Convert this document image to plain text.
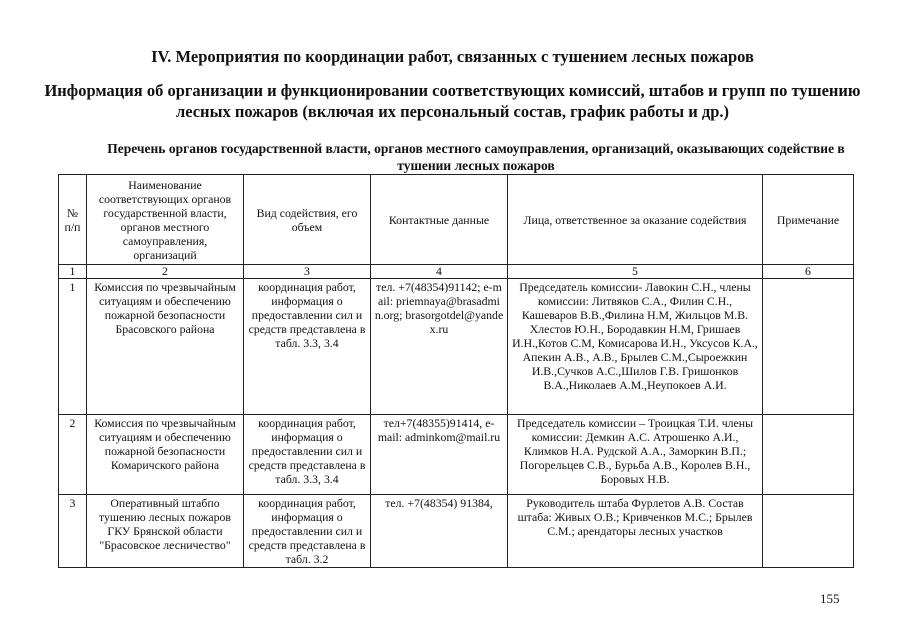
IV. Мероприятия по координации работ, связанных с тушением лесных пожаров
Информация об организации и функционировании соответствующих комиссий, штабов и групп по тушению лесных пожаров (включая их персональный состав, график работы и др.)
Перечень органов государственной власти, органов местного самоуправления, организаций, оказывающих содействие в тушении лесных пожаров
№ п/п	Наименование соответствующих органов государственной власти, органов местного самоуправления, организаций	Вид содействия, его объем	Контактные данные	Лица, ответственное за оказание содействия	Примечание
1	2	3	4	5	6
1	Комиссия по чрезвычайным ситуациям и обеспечению пожарной безопасности Брасовского района	координация работ, информация о предоставлении сил и средств представлена в табл. 3.3, 3.4	тел. +7(48354)91142; e-mail: priemnaya@brasadmin.org; brasorgotdel@yandex.ru	Председатель комиссии- Лавокин С.Н., члены комиссии: Литвяков С.А., Филин С.Н., Кашеваров В.В.,Филина Н.М, Жильцов М.В. Хлестов Ю.Н., Бородавкин Н.М, Гришаев И.Н.,Котов С.М, Комисарова И.Н., Уксусов К.А., Апекин А.В., А.В., Брылев С.М.,Сыроежкин И.В.,Сучков А.С.,Шилов Г.В. Гришонков В.А.,Николаев А.М.,Неупокоев А.И.	
2	Комиссия по чрезвычайным ситуациям и обеспечению пожарной безопасности Комаричского района	координация работ, информация о предоставлении сил и средств представлена в табл. 3.3, 3.4	тел+7(48355)91414, e-mail: adminkom@mail.ru	Председатель комиссии – Троицкая Т.И. члены комиссии: Демкин А.С. Атрошенко А.И., Климков Н.А. Рудской А.А., Заморкин В.П.; Погорельцев С.В., Бурьба А.В., Королев В.Н., Боровых Н.В.	
3	Оперативный штабпо тушению лесных пожаров ГКУ Брянской области "Брасовское лесничество"	координация работ, информация о предоставлении сил и средств представлена в табл. 3.2	тел. +7(48354) 91384,	Руководитель штаба Фурлетов А.В. Состав штаба: Живых О.В.; Кривченков М.С.; Брылев С.М.; арендаторы лесных участков	
155
